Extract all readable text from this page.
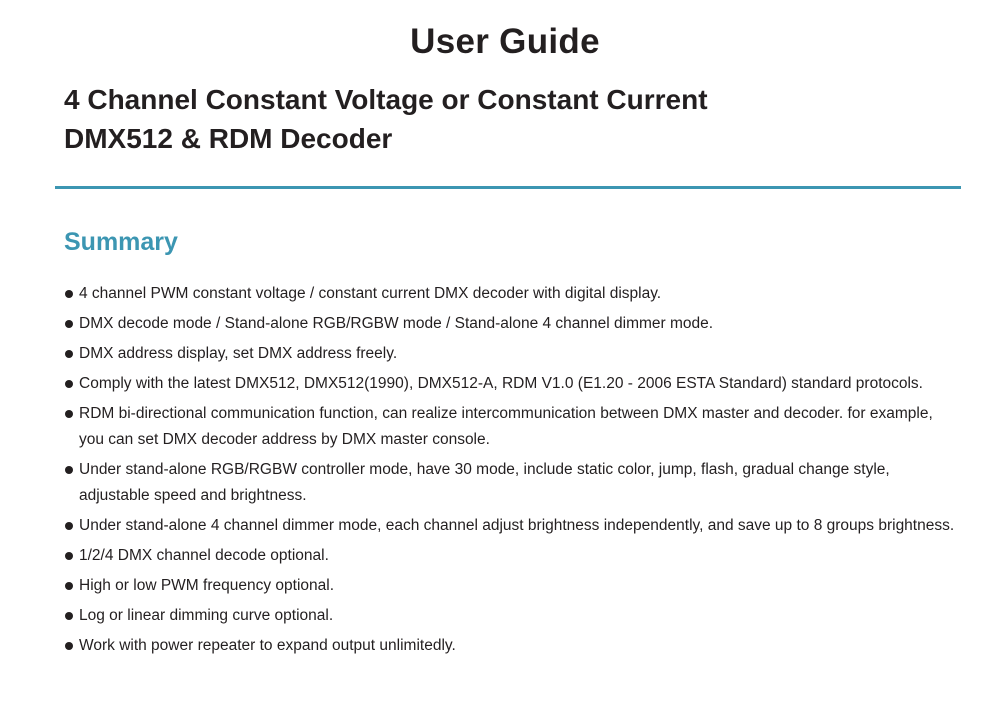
User Guide
4 Channel Constant Voltage or Constant Current
DMX512 & RDM Decoder
Summary
4 channel PWM constant voltage / constant current DMX decoder with digital display.
DMX decode mode / Stand-alone RGB/RGBW mode / Stand-alone 4 channel dimmer mode.
DMX address display, set DMX address freely.
Comply with the latest DMX512, DMX512(1990), DMX512-A, RDM V1.0 (E1.20 - 2006 ESTA Standard) standard protocols.
RDM bi-directional communication function, can realize intercommunication between DMX master and decoder. for example, you can set DMX decoder address by DMX master console.
Under stand-alone RGB/RGBW controller mode, have 30 mode, include static color, jump, flash, gradual change style, adjustable speed and brightness.
Under stand-alone 4 channel dimmer mode, each channel adjust brightness independently, and save up to 8 groups brightness.
1/2/4 DMX channel decode optional.
High or low PWM frequency optional.
Log or linear dimming curve optional.
Work with power repeater to expand output unlimitedly.
